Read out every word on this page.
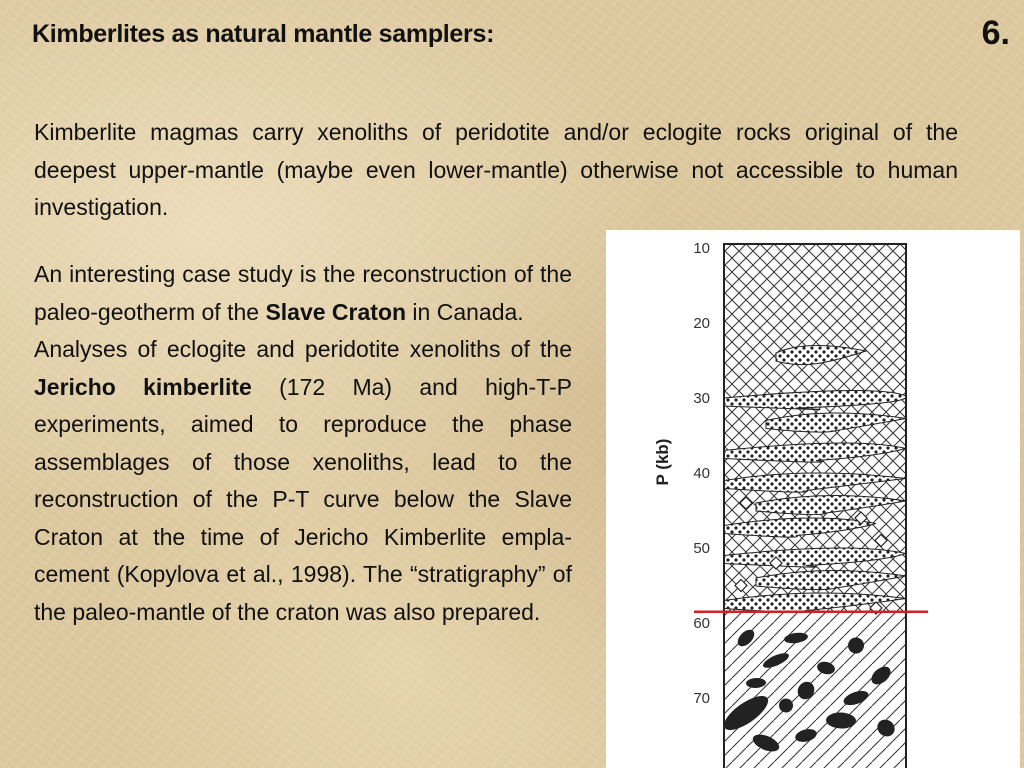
Kimberlites as natural mantle samplers:	6.

Kimberlite magmas carry xenoliths of peridotite and/or eclogite rocks original of the deepest upper-mantle (maybe even lower-mantle) otherwise not accessible to human investigation.

An interesting case study is the reconstruction of the paleo-geotherm of the Slave Craton in Canada.

Analyses of eclogite and peridotite xenoliths of the Jericho kimberlite (172 Ma) and high-T-P experiments, aimed to reproduce the phase assemblages of those xenoliths, lead to the reconstruction of the P-T curve below the Slave Craton at the time of Jericho Kimberlite empla-cement (Kopylova et al., 1998). The “stratigraphy” of the paleo-mantle of the craton was also prepared.

10
20
30
40
50
60
70
P (kb)
